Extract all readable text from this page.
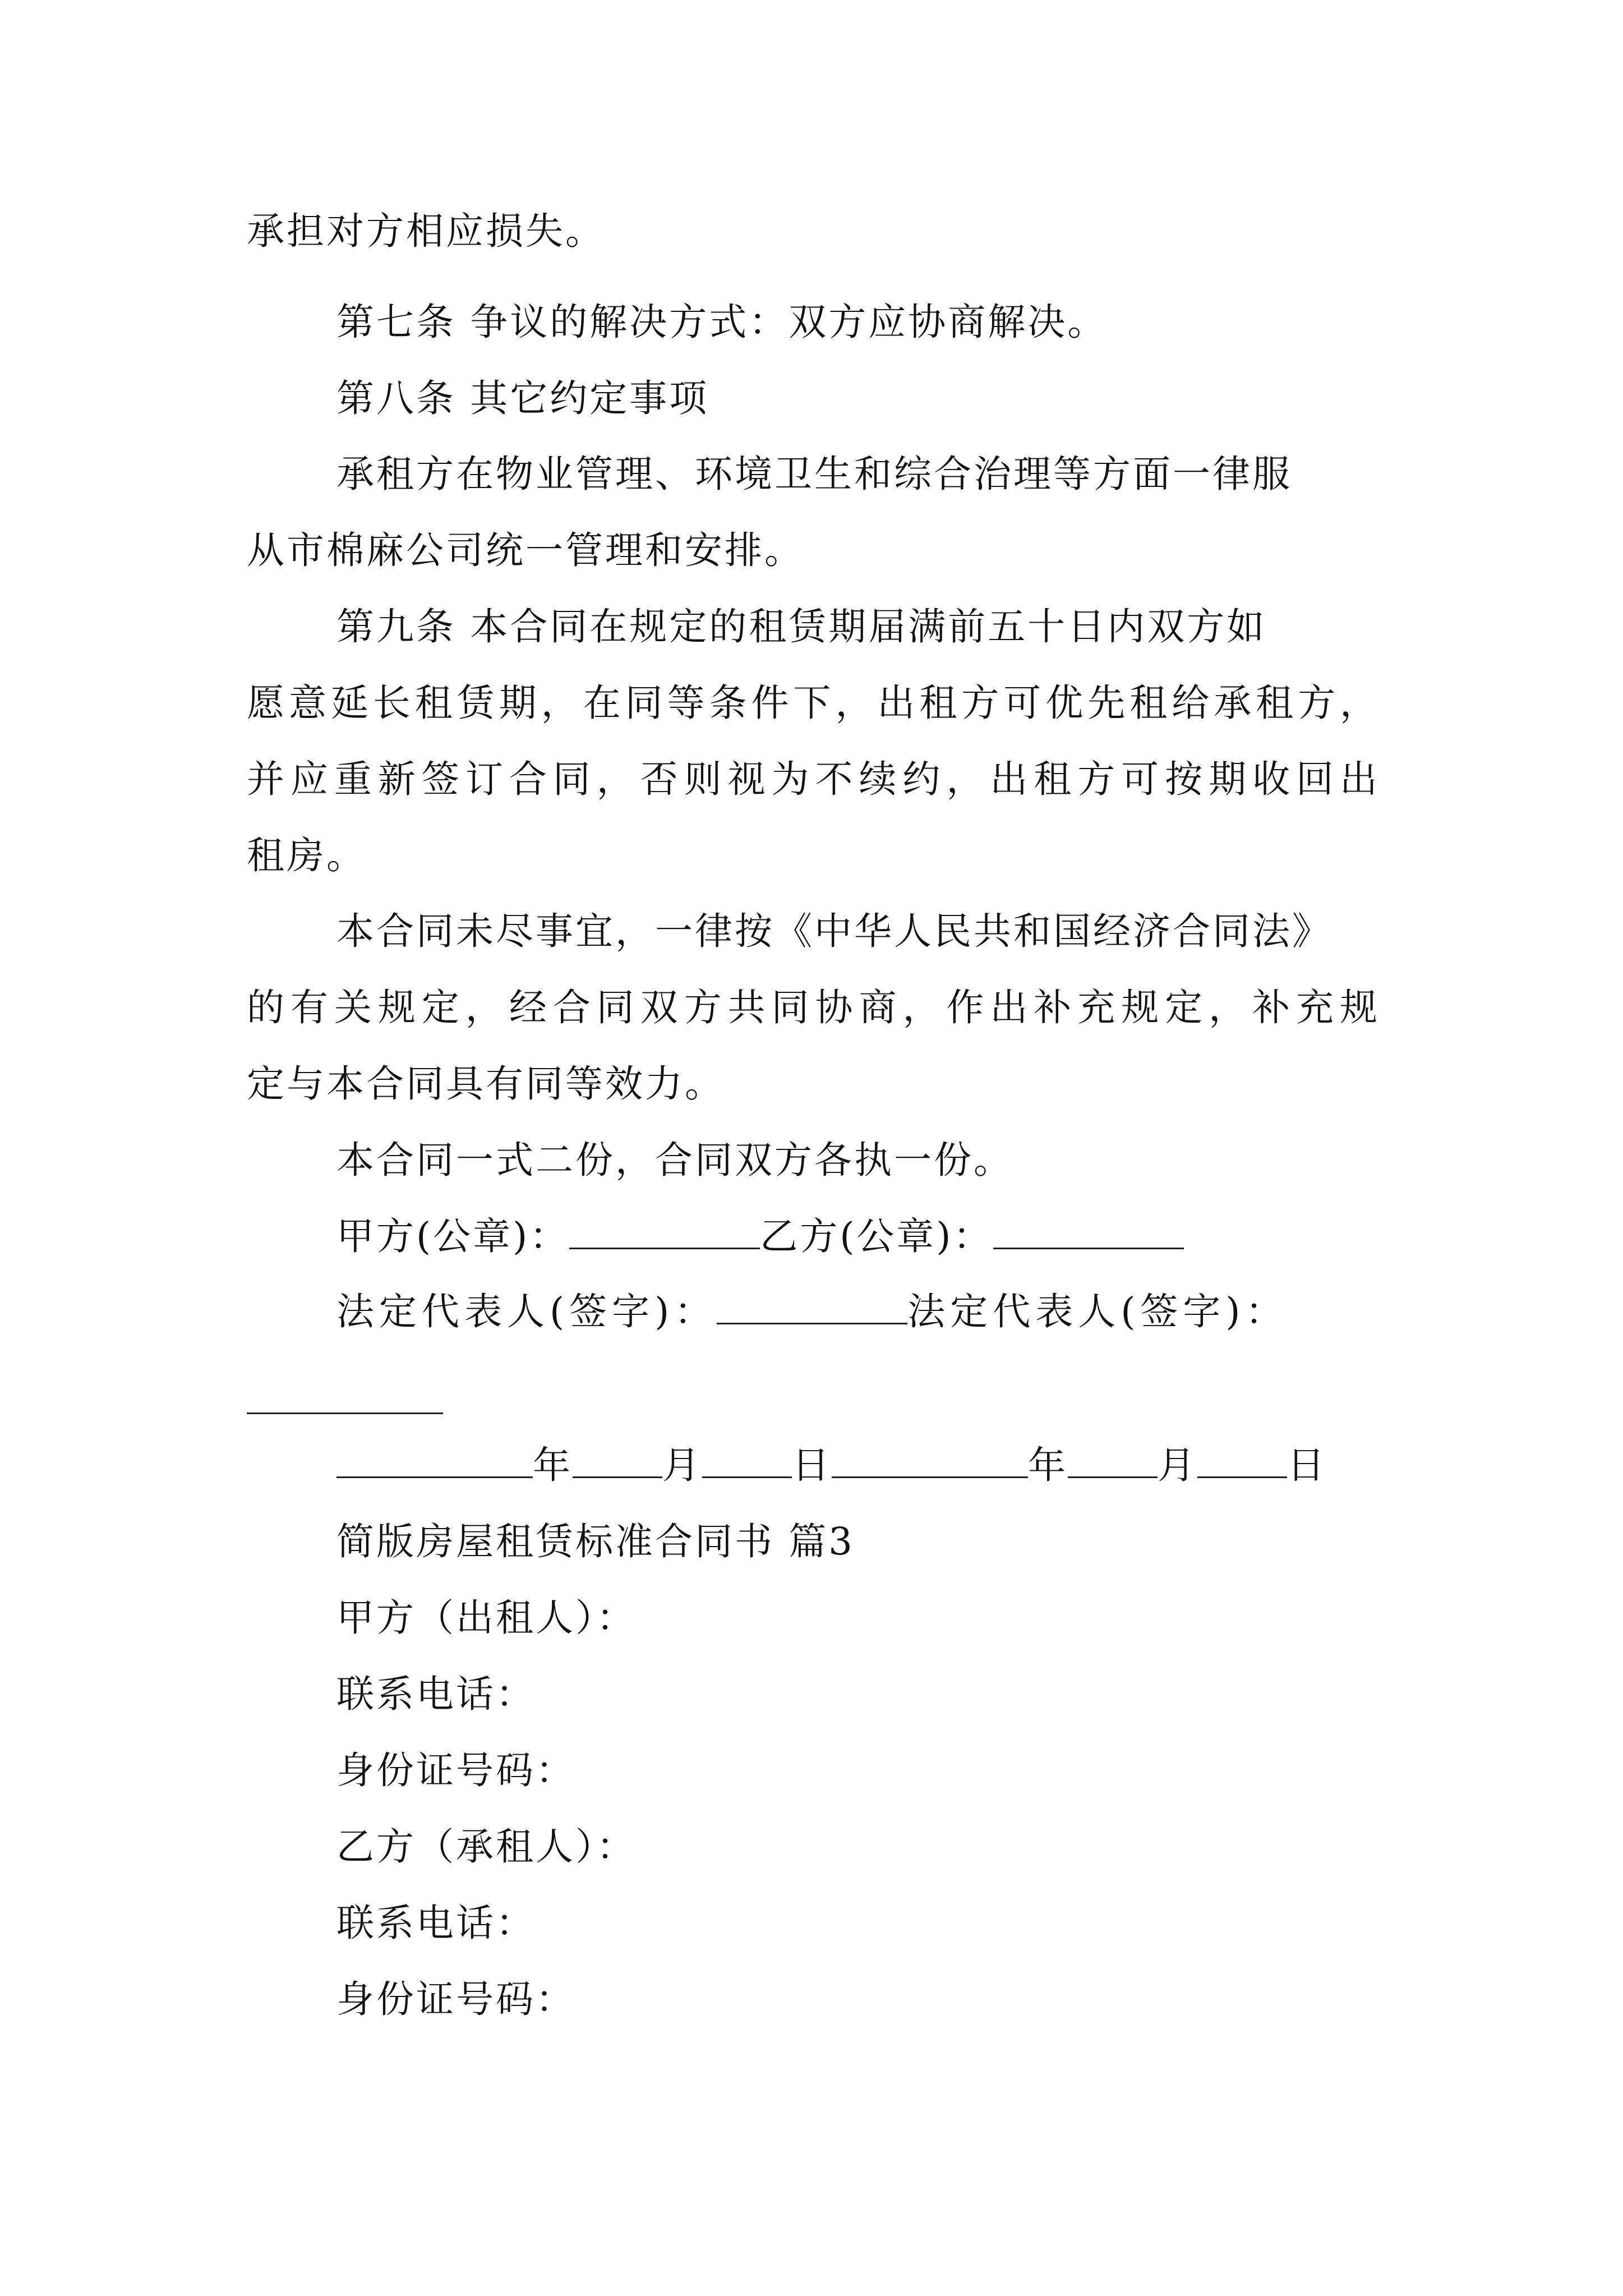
承担对方相应损失。
第七条 争议的解决方式：双方应协商解决。
第八条 其它约定事项
承租方在物业管理、环境卫生和综合治理等方面一律服
从市棉麻公司统一管理和安排。
第九条 本合同在规定的租赁期届满前五十日内双方如
愿意延长租赁期，在同等条件下，出租方可优先租给承租方，
并应重新签订合同，否则视为不续约，出租方可按期收回出
租房。
本合同未尽事宜，一律按《中华人民共和国经济合同法》
的有关规定，经合同双方共同协商，作出补充规定，补充规
定与本合同具有同等效力。
本合同一式二份，合同双方各执一份。
甲方(公章)：	乙方(公章)：
法定代表人(签字)：	法定代表人(签字)：
年 月 日	年 月 日
简版房屋租赁标准合同书 篇3
甲方（出租人）：
联系电话：
身份证号码：
乙方（承租人）：
联系电话：
身份证号码：
